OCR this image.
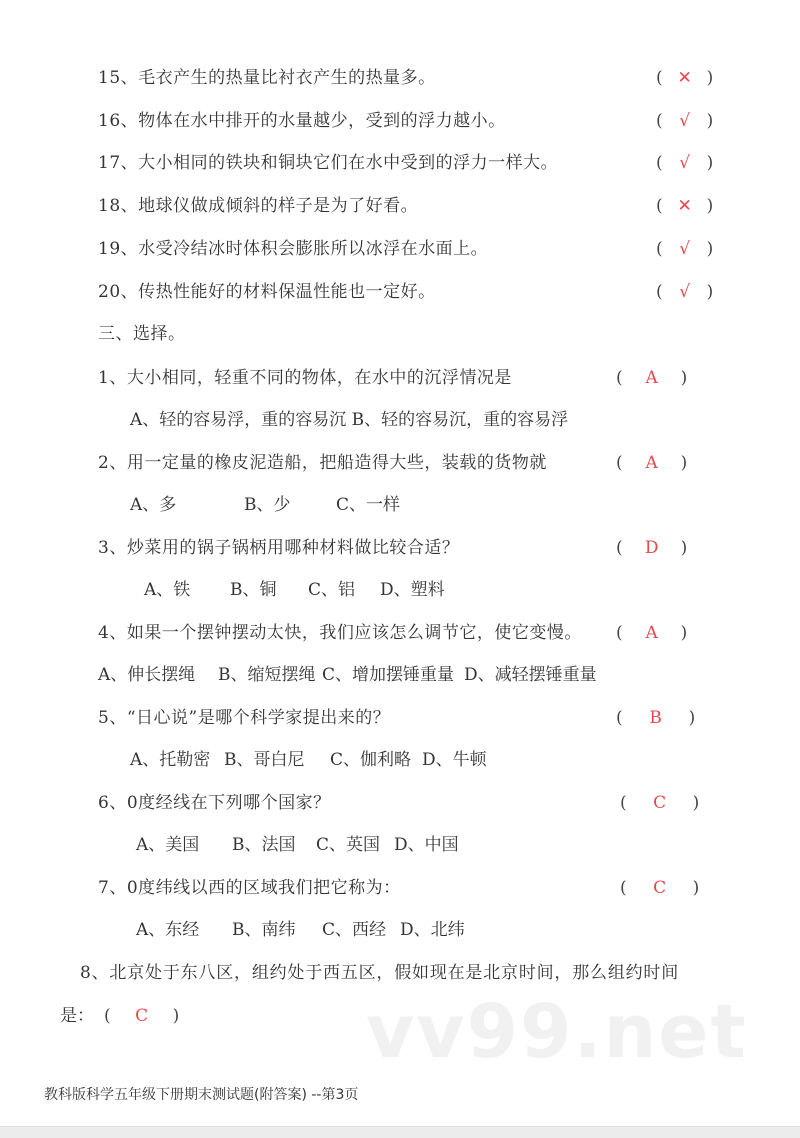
15、毛衣产生的热量比衬衣产生的热量多。	( ✕ )
16、物体在水中排开的水量越少，受到的浮力越小。	( √ )
17、大小相同的铁块和铜块它们在水中受到的浮力一样大。	( √ )
18、地球仪做成倾斜的样子是为了好看。	( ✕ )
19、水受冷结冰时体积会膨胀所以冰浮在水面上。	( √ )
20、传热性能好的材料保温性能也一定好。	( √ )
三、选择。
1、大小相同，轻重不同的物体，在水中的沉浮情况是	( A )
A、轻的容易浮，重的容易沉 B、轻的容易沉，重的容易浮
2、用一定量的橡皮泥造船，把船造得大些，装载的货物就	( A )
A、多	B、少	C、一样
3、炒菜用的锅子锅柄用哪种材料做比较合适？	( D )
A、铁 B、铜 C、铝 D、塑料
4、如果一个摆钟摆动太快，我们应该怎么调节它，使它变慢。 ( A )
A、伸长摆绳 B、缩短摆绳 C、增加摆锤重量 D、减轻摆锤重量
5、“日心说”是哪个科学家提出来的？	( B )
A、托勒密 B、哥白尼 C、伽利略 D、牛顿
6、0度经线在下列哪个国家？	( C )
A、美国 B、法国 C、英国 D、中国
7、0度纬线以西的区域我们把它称为：	( C )
A、东经 B、南纬 C、西经 D、北纬
8、北京处于东八区，组约处于西五区，假如现在是北京时间，那么组约时间
是： ( C )	vv99.net
教科版科学五年级下册期末测试题(附答案) --第3页
